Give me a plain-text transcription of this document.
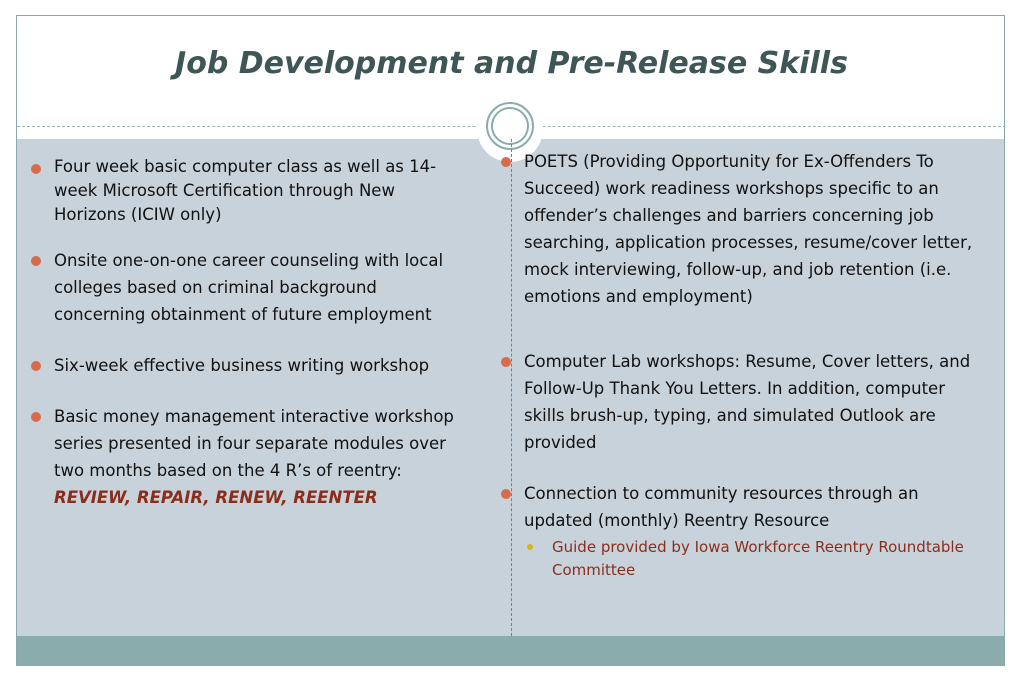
Job Development and Pre-Release Skills
Four week basic computer class as well as 14-week Microsoft Certification through New Horizons (ICIW only)
Onsite one-on-one career counseling with local colleges based on criminal background concerning obtainment of future employment
Six-week effective business writing workshop
Basic money management interactive workshop series presented in four separate modules over two months based on the 4 R’s of reentry: REVIEW, REPAIR, RENEW, REENTER
POETS (Providing Opportunity for Ex-Offenders To Succeed) work readiness workshops specific to an offender’s challenges and barriers concerning job searching, application processes, resume/cover letter, mock interviewing, follow-up, and job retention (i.e. emotions and employment)
Computer Lab workshops: Resume, Cover letters, and Follow-Up Thank You Letters. In addition, computer skills brush-up, typing, and simulated Outlook are provided
Connection to community resources through an updated (monthly) Reentry Resource
Guide provided by Iowa Workforce Reentry Roundtable Committee
